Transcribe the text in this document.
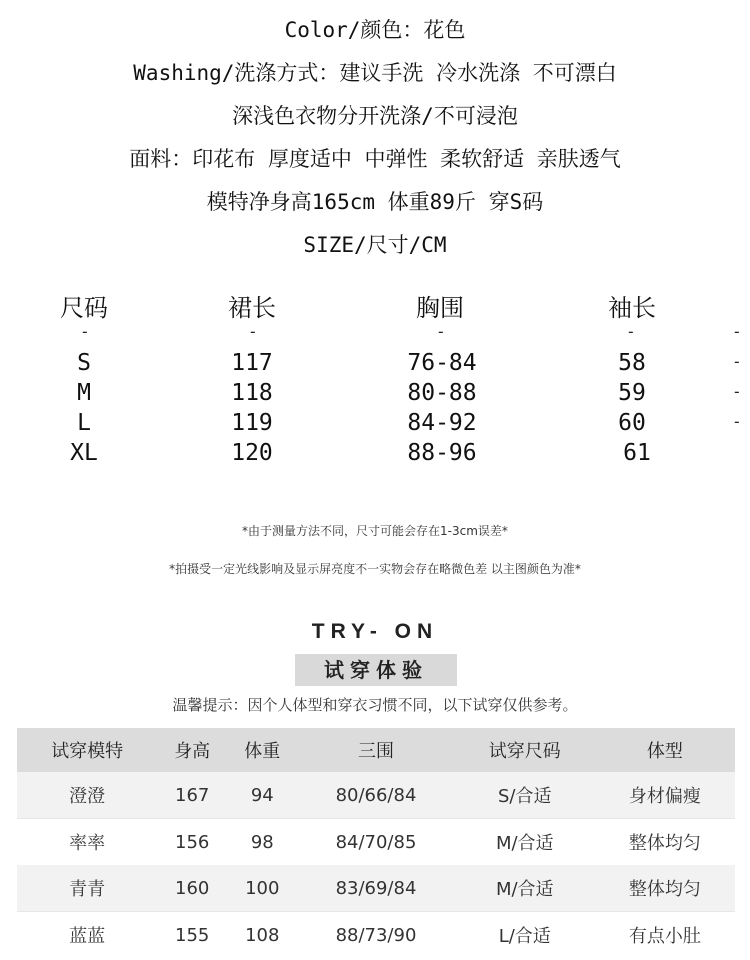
Color/颜色：花色
Washing/洗涤方式：建议手洗 冷水洗涤 不可漂白
深浅色衣物分开洗涤/不可浸泡
面料：印花布 厚度适中 中弹性 柔软舒适 亲肤透气
模特净身高165cm 体重89斤 穿S码
SIZE/尺寸/CM
尺码	裙长	胸围	袖长
-	-	-	-	-
-
-
-
S	117	76-84	58
M	118	80-88	59
L	119	84-92	60
XL	120	88-96	61
*由于测量方法不同，尺寸可能会存在1-3cm误差*
*拍摄受一定光线影响及显示屏亮度不一实物会存在略微色差 以主图颜色为准*
TRY- ON
试穿体验
温馨提示：因个人体型和穿衣习惯不同，以下试穿仅供参考。
试穿模特	身高	体重	三围	试穿尺码	体型
澄澄	167	94	80/66/84	S/合适	身材偏瘦
率率	156	98	84/70/85	M/合适	整体均匀
青青	160	100	83/69/84	M/合适	整体均匀
蓝蓝	155	108	88/73/90	L/合适	有点小肚
